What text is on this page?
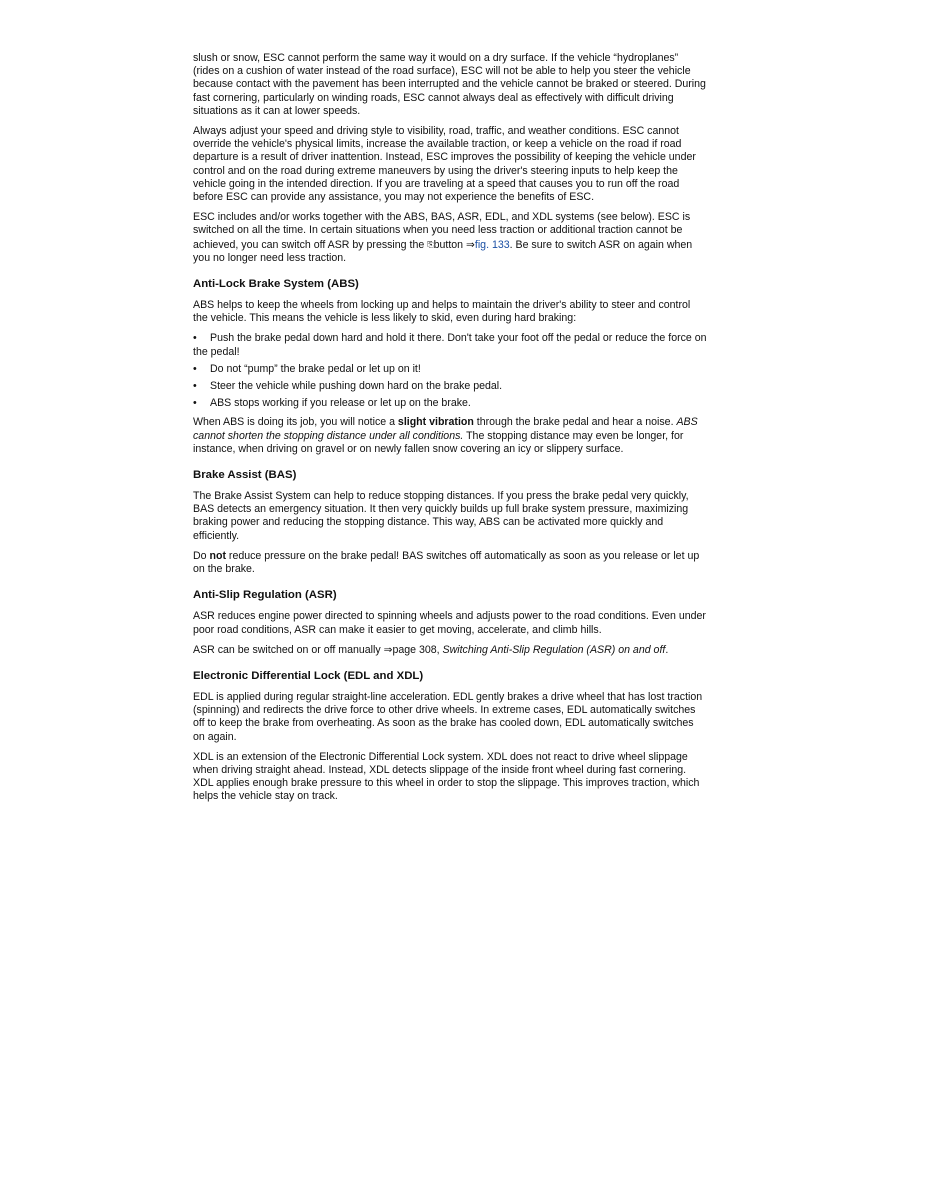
slush or snow, ESC cannot perform the same way it would on a dry surface. If the vehicle “hydroplanes” (rides on a cushion of water instead of the road surface), ESC will not be able to help you steer the vehicle because contact with the pavement has been interrupted and the vehicle cannot be braked or steered. During fast cornering, particularly on winding roads, ESC cannot always deal as effectively with difficult driving situations as it can at lower speeds.

Always adjust your speed and driving style to visibility, road, traffic, and weather conditions. ESC cannot override the vehicle's physical limits, increase the available traction, or keep a vehicle on the road if road departure is a result of driver inattention. Instead, ESC improves the possibility of keeping the vehicle under control and on the road during extreme maneuvers by using the driver's steering inputs to help keep the vehicle going in the intended direction. If you are traveling at a speed that causes you to run off the road before ESC can provide any assistance, you may not experience the benefits of ESC.

ESC includes and/or works together with the ABS, BAS, ASR, EDL, and XDL systems (see below). ESC is switched on all the time. In certain situations when you need less traction or additional traction cannot be achieved, you can switch off ASR by pressing the ⎘button ⇒fig. 133. Be sure to switch ASR on again when you no longer need less traction.

Anti-Lock Brake System (ABS)

ABS helps to keep the wheels from locking up and helps to maintain the driver's ability to steer and control the vehicle. This means the vehicle is less likely to skid, even during hard braking:

• Push the brake pedal down hard and hold it there. Don't take your foot off the pedal or reduce the force on the pedal!
• Do not “pump” the brake pedal or let up on it!
• Steer the vehicle while pushing down hard on the brake pedal.
• ABS stops working if you release or let up on the brake.

When ABS is doing its job, you will notice a slight vibration through the brake pedal and hear a noise. ABS cannot shorten the stopping distance under all conditions. The stopping distance may even be longer, for instance, when driving on gravel or on newly fallen snow covering an icy or slippery surface.

Brake Assist (BAS)

The Brake Assist System can help to reduce stopping distances. If you press the brake pedal very quickly, BAS detects an emergency situation. It then very quickly builds up full brake system pressure, maximizing braking power and reducing the stopping distance. This way, ABS can be activated more quickly and efficiently.

Do not reduce pressure on the brake pedal! BAS switches off automatically as soon as you release or let up on the brake.

Anti-Slip Regulation (ASR)

ASR reduces engine power directed to spinning wheels and adjusts power to the road conditions. Even under poor road conditions, ASR can make it easier to get moving, accelerate, and climb hills.

ASR can be switched on or off manually ⇒page 308, Switching Anti-Slip Regulation (ASR) on and off.

Electronic Differential Lock (EDL and XDL)

EDL is applied during regular straight-line acceleration. EDL gently brakes a drive wheel that has lost traction (spinning) and redirects the drive force to other drive wheels. In extreme cases, EDL automatically switches off to keep the brake from overheating. As soon as the brake has cooled down, EDL automatically switches on again.

XDL is an extension of the Electronic Differential Lock system. XDL does not react to drive wheel slippage when driving straight ahead. Instead, XDL detects slippage of the inside front wheel during fast cornering. XDL applies enough brake pressure to this wheel in order to stop the slippage. This improves traction, which helps the vehicle stay on track.
